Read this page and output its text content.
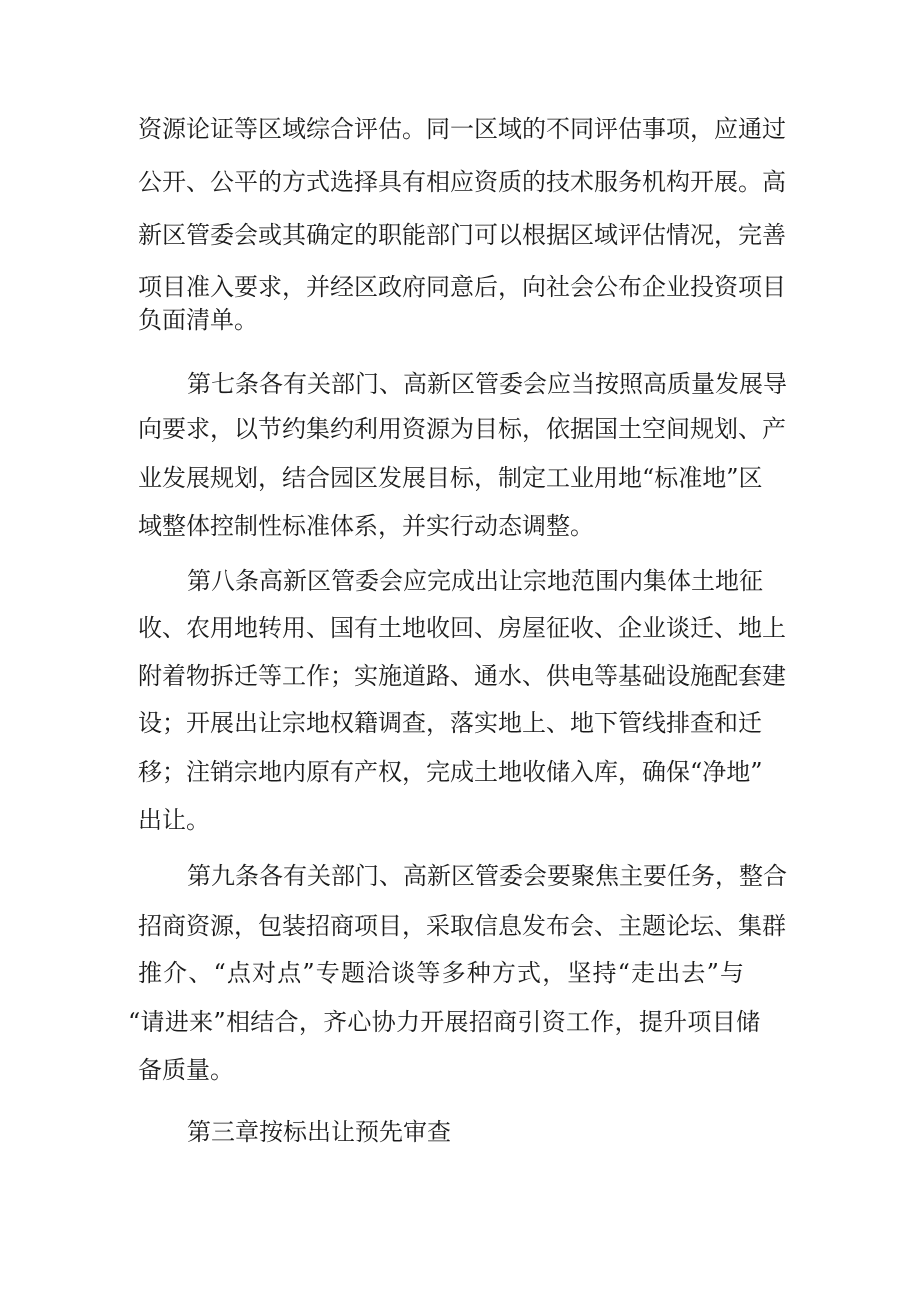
资源论证等区域综合评估。同一区域的不同评估事项，应通过
公开、公平的方式选择具有相应资质的技术服务机构开展。高
新区管委会或其确定的职能部门可以根据区域评估情况，完善
项目准入要求，并经区政府同意后，向社会公布企业投资项目
负面清单。
第七条各有关部门、高新区管委会应当按照高质量发展导
向要求，以节约集约利用资源为目标，依据国土空间规划、产
业发展规划，结合园区发展目标，制定工业用地“标准地”区
域整体控制性标准体系，并实行动态调整。
第八条高新区管委会应完成出让宗地范围内集体土地征
收、农用地转用、国有土地收回、房屋征收、企业谈迁、地上
附着物拆迁等工作；实施道路、通水、供电等基础设施配套建
设；开展出让宗地权籍调查，落实地上、地下管线排查和迁
移；注销宗地内原有产权，完成土地收储入库，确保“净地”
出让。
第九条各有关部门、高新区管委会要聚焦主要任务，整合
招商资源，包装招商项目，采取信息发布会、主题论坛、集群
推介、“点对点”专题洽谈等多种方式，坚持“走出去”与
“请进来”相结合，齐心协力开展招商引资工作，提升项目储
备质量。
第三章按标出让预先审查
